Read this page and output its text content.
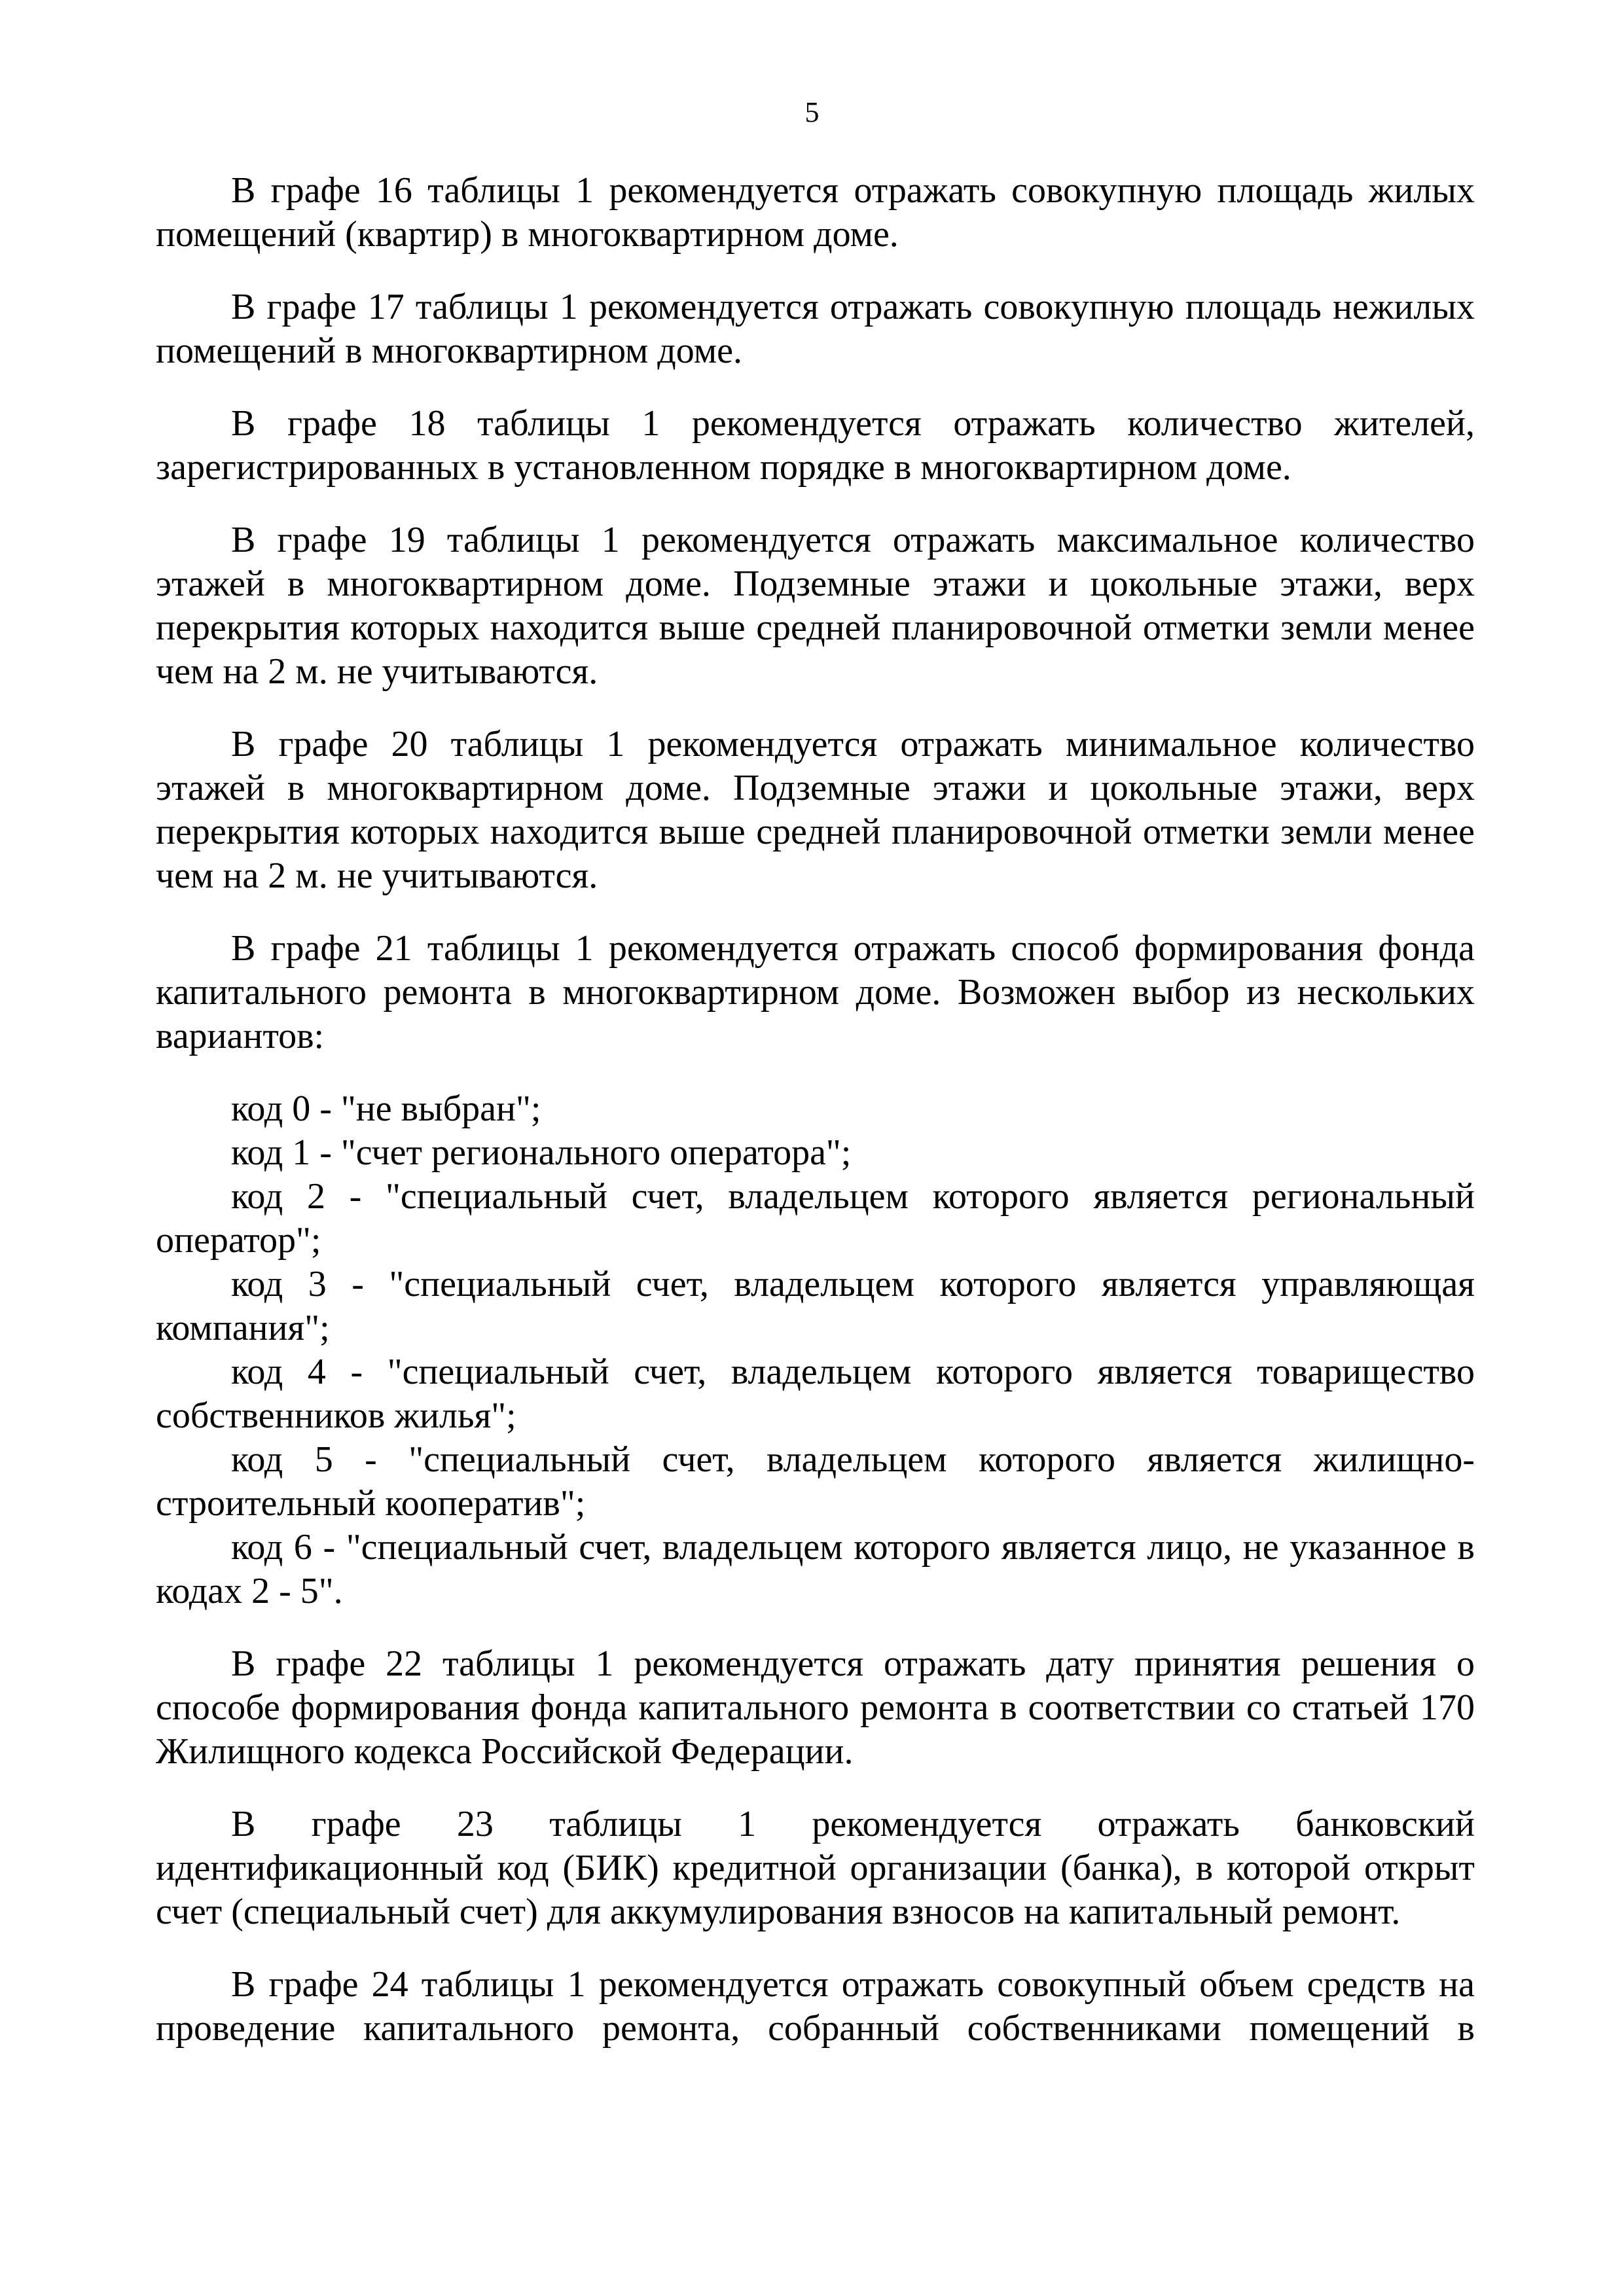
5

В графе 16 таблицы 1 рекомендуется отражать совокупную площадь жилых помещений (квартир) в многоквартирном доме.

В графе 17 таблицы 1 рекомендуется отражать совокупную площадь нежилых помещений в многоквартирном доме.

В графе 18 таблицы 1 рекомендуется отражать количество жителей, зарегистрированных в установленном порядке в многоквартирном доме.

В графе 19 таблицы 1 рекомендуется отражать максимальное количество этажей в многоквартирном доме. Подземные этажи и цокольные этажи, верх перекрытия которых находится выше средней планировочной отметки земли менее чем на 2 м. не учитываются.

В графе 20 таблицы 1 рекомендуется отражать минимальное количество этажей в многоквартирном доме. Подземные этажи и цокольные этажи, верх перекрытия которых находится выше средней планировочной отметки земли менее чем на 2 м. не учитываются.

В графе 21 таблицы 1 рекомендуется отражать способ формирования фонда капитального ремонта в многоквартирном доме. Возможен выбор из нескольких вариантов:

код 0 - "не выбран";

код 1 - "счет регионального оператора";

код 2 - "специальный счет, владельцем которого является региональный оператор";

код 3 - "специальный счет, владельцем которого является управляющая компания";

код 4 - "специальный счет, владельцем которого является товарищество собственников жилья";

код 5 - "специальный счет, владельцем которого является жилищно-строительный кооператив";

код 6 - "специальный счет, владельцем которого является лицо, не указанное в кодах 2 - 5".

В графе 22 таблицы 1 рекомендуется отражать дату принятия решения о способе формирования фонда капитального ремонта в соответствии со статьей 170 Жилищного кодекса Российской Федерации.

В графе 23 таблицы 1 рекомендуется отражать банковский идентификационный код (БИК) кредитной организации (банка), в которой открыт счет (специальный счет) для аккумулирования взносов на капитальный ремонт.

В графе 24 таблицы 1 рекомендуется отражать совокупный объем средств на проведение капитального ремонта, собранный собственниками помещений в
